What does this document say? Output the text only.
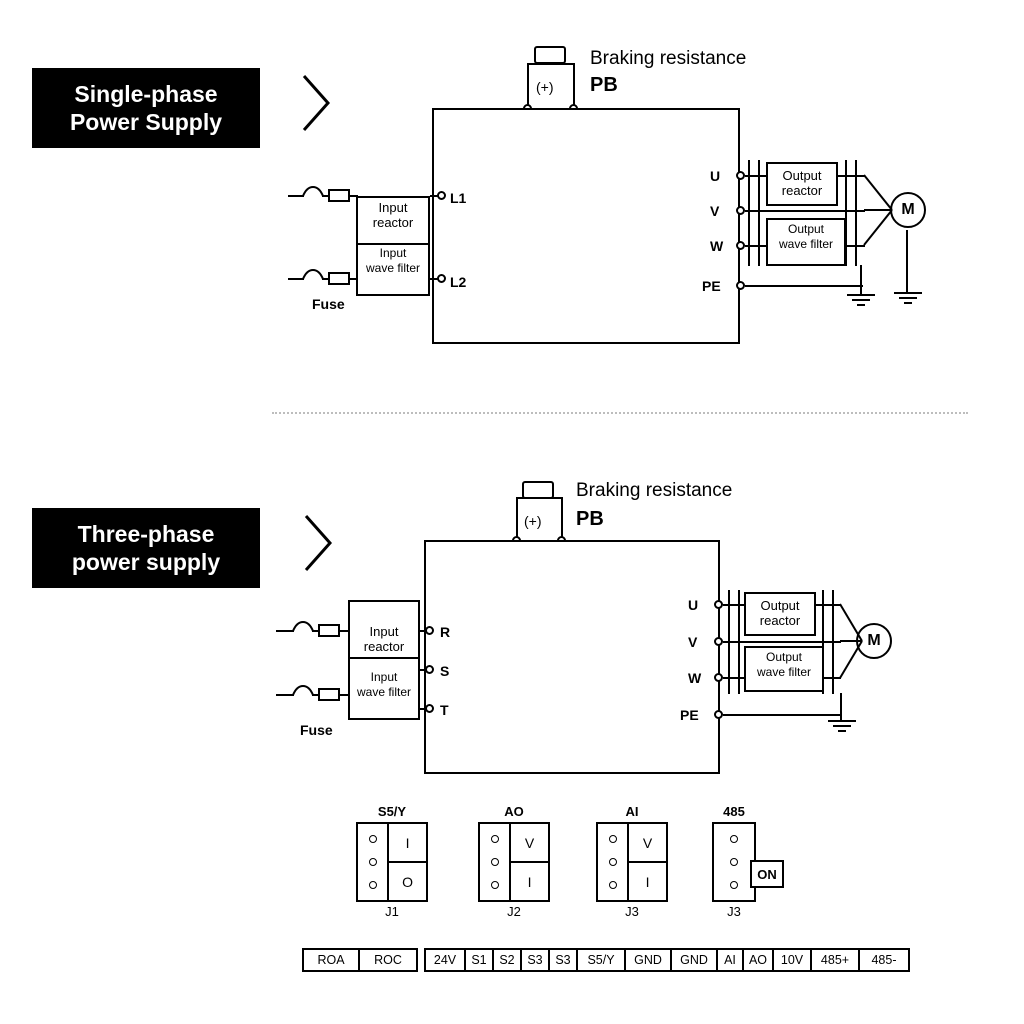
Single-phase
Power Supply
(+)
Braking resistance
PB
Input
reactor
Input
wave filter
Fuse
L1
L2
U
V
W
PE
Output
reactor
Output
wave filter
M
Three-phase
power supply
(+)
Braking resistance
PB
Input
reactor
Input
wave filter
Fuse
R
S
T
U
V
W
PE
Output
reactor
Output
wave filter
M
S5/Y
I
O
J1
AO
V
I
J2
AI
V
I
J3
485
ON
J3
ROA	ROC	24V	S1	S2	S3	S3	S5/Y	GND	GND	AI	AO	10V	485+	485-
